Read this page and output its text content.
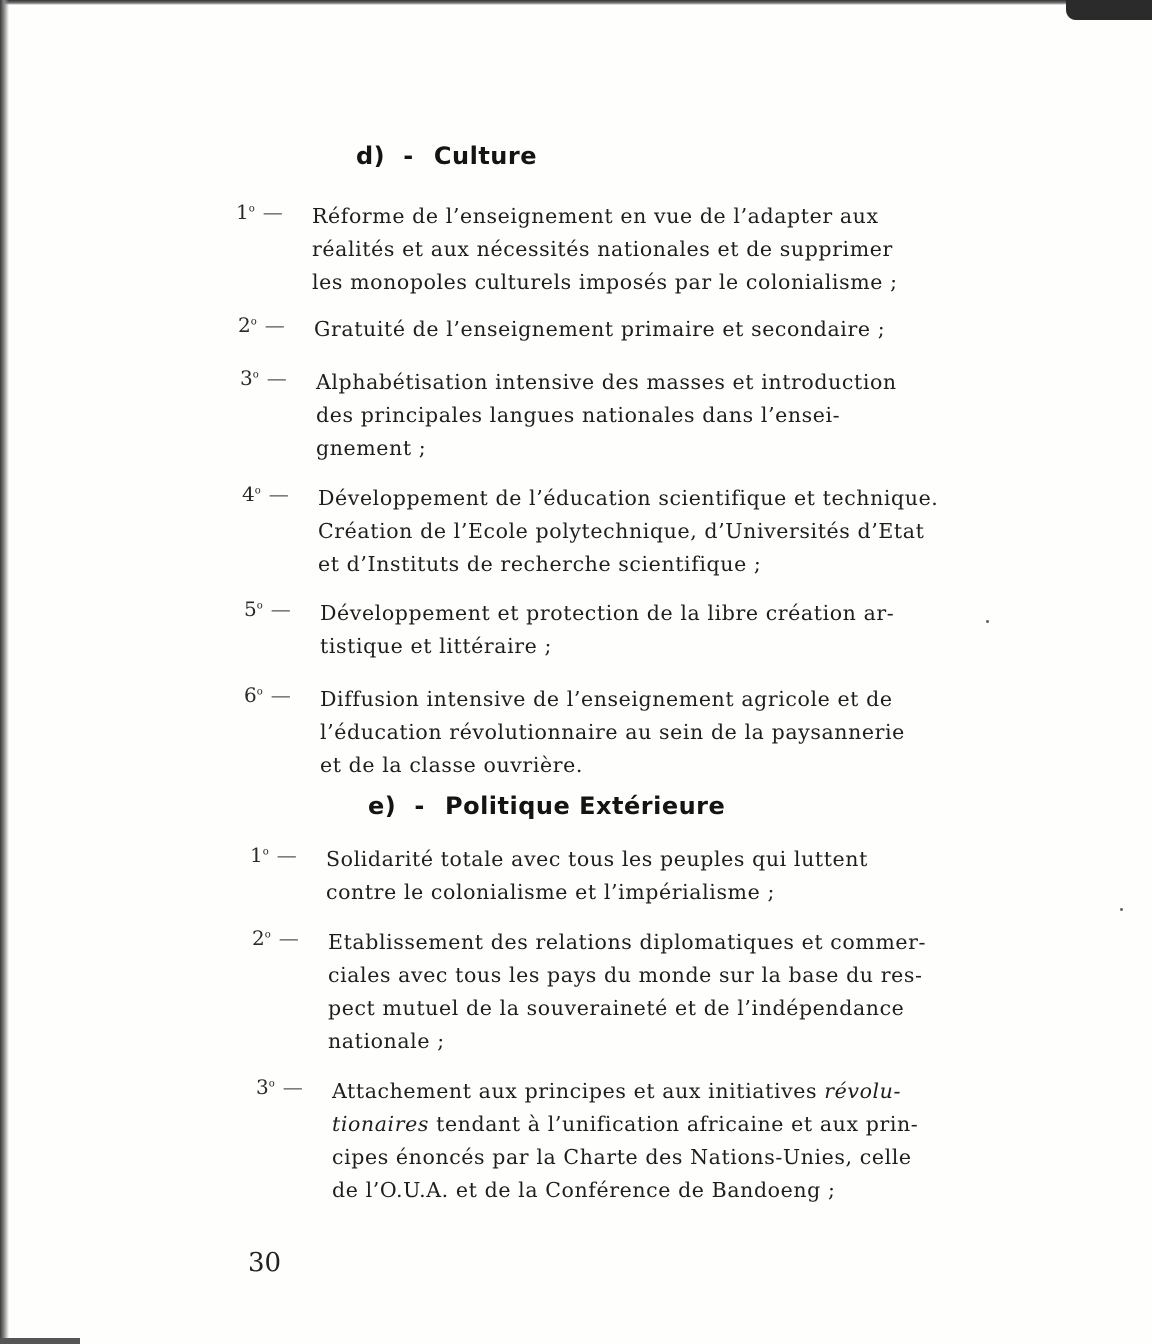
d) - Culture
1$^o$ — Réforme de l’enseignement en vue de l’adapter aux
réalités et aux nécessités nationales et de supprimer
les monopoles culturels imposés par le colonialisme ;
2$^o$ — Gratuité de l’enseignement primaire et secondaire ;
3$^o$ — Alphabétisation intensive des masses et introduction
des principales langues nationales dans l’ensei-
gnement ;
4$^o$ — Développement de l’éducation scientifique et technique.
Création de l’Ecole polytechnique, d’Universités d’Etat
et d’Instituts de recherche scientifique ;
5$^o$ — Développement et protection de la libre création ar-
tistique et littéraire ;
6$^o$ — Diffusion intensive de l’enseignement agricole et de
l’éducation révolutionnaire au sein de la paysannerie
et de la classe ouvrière.
e) - Politique Extérieure
1$^o$ — Solidarité totale avec tous les peuples qui luttent
contre le colonialisme et l’impérialisme ;
2$^o$ — Etablissement des relations diplomatiques et commer-
ciales avec tous les pays du monde sur la base du res-
pect mutuel de la souveraineté et de l’indépendance
nationale ;
3$^o$ — Attachement aux principes et aux initiatives révolu-
tionaires tendant à l’unification africaine et aux prin-
cipes énoncés par la Charte des Nations-Unies, celle
de l’O.U.A. et de la Conférence de Bandoeng ;
30
